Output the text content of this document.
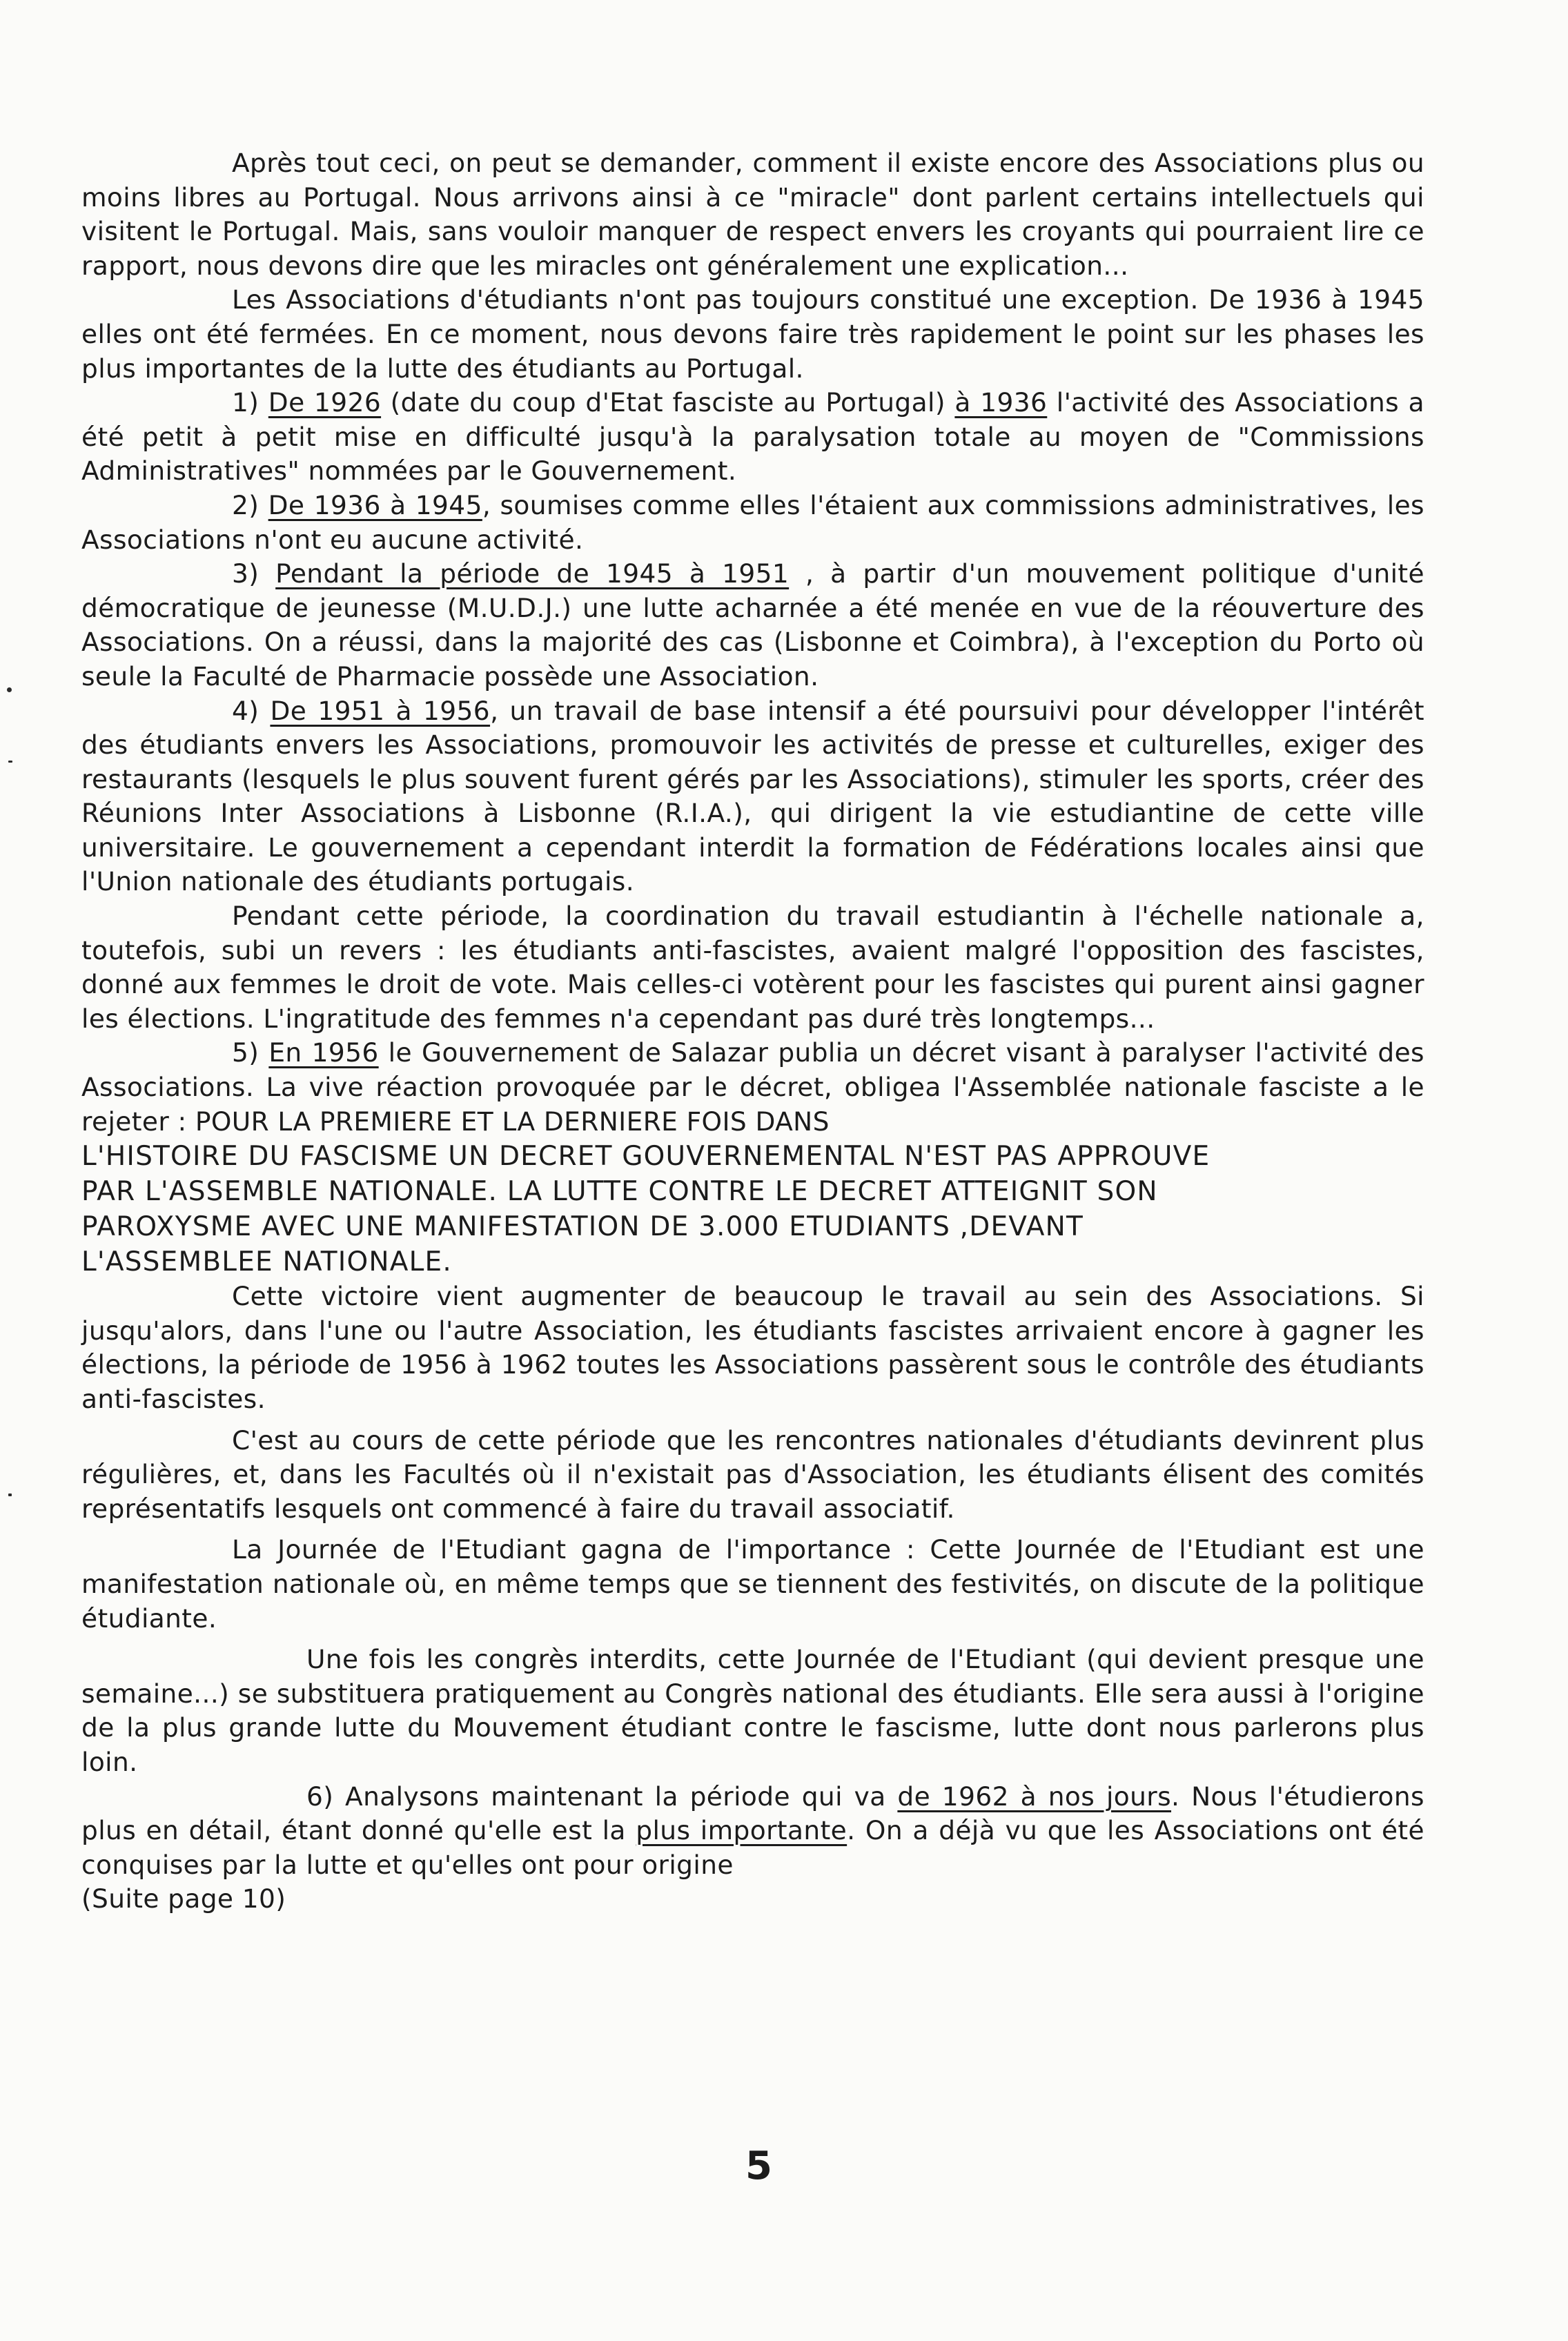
Après tout ceci, on peut se demander, comment il existe encore des Associations plus ou moins libres au Portugal. Nous arrivons ainsi à ce "miracle" dont parlent certains intellectuels qui visitent le Portugal. Mais, sans vouloir manquer de respect envers les croyants qui pourraient lire ce rapport, nous devons dire que les miracles ont généralement une explication...

Les Associations d'étudiants n'ont pas toujours constitué une exception. De 1936 à 1945 elles ont été fermées. En ce moment, nous devons faire très rapidement le point sur les phases les plus importantes de la lutte des étudiants au Portugal.

1) De 1926 (date du coup d'Etat fasciste au Portugal) à 1936 l'activité des Associations a été petit à petit mise en difficulté jusqu'à la paralysation totale au moyen de "Commissions Administratives" nommées par le Gouvernement.

2) De 1936 à 1945, soumises comme elles l'étaient aux commissions administratives, les Associations n'ont eu aucune activité.

3) Pendant la période de 1945 à 1951 , à partir d'un mouvement politique d'unité démocratique de jeunesse (M.U.D.J.) une lutte acharnée a été menée en vue de la réouverture des Associations. On a réussi, dans la majorité des cas (Lisbonne et Coimbra), à l'exception du Porto où seule la Faculté de Pharmacie possède une Association.

4) De 1951 à 1956, un travail de base intensif a été poursuivi pour développer l'intérêt des étudiants envers les Associations, promouvoir les activités de presse et culturelles, exiger des restaurants (lesquels le plus souvent furent gérés par les Associations), stimuler les sports, créer des Réunions Inter Associations à Lisbonne (R.I.A.), qui dirigent la vie estudiantine de cette ville universitaire. Le gouvernement a cependant interdit la formation de Fédérations locales ainsi que l'Union nationale des étudiants portugais.

Pendant cette période, la coordination du travail estudiantin à l'échelle nationale a, toutefois, subi un revers : les étudiants anti-fascistes, avaient malgré l'opposition des fascistes, donné aux femmes le droit de vote. Mais celles-ci votèrent pour les fascistes qui purent ainsi gagner les élections. L'ingratitude des femmes n'a cependant pas duré très longtemps...

5) En 1956 le Gouvernement de Salazar publia un décret visant à paralyser l'activité des Associations. La vive réaction provoquée par le décret, obligea l'Assemblée nationale fasciste a le rejeter : POUR LA PREMIERE ET LA DERNIERE FOIS DANS

L'HISTOIRE DU FASCISME UN DECRET GOUVERNEMENTAL N'EST PAS APPROUVE
PAR L'ASSEMBLE NATIONALE. LA LUTTE CONTRE LE DECRET ATTEIGNIT SON
PAROXYSME AVEC UNE MANIFESTATION DE 3.000 ETUDIANTS ,DEVANT
L'ASSEMBLEE NATIONALE.

Cette victoire vient augmenter de beaucoup le travail au sein des Associations. Si jusqu'alors, dans l'une ou l'autre Association, les étudiants fascistes arrivaient encore à gagner les élections, la période de 1956 à 1962 toutes les Associations passèrent sous le contrôle des étudiants anti-fascistes.

C'est au cours de cette période que les rencontres nationales d'étudiants devinrent plus régulières, et, dans les Facultés où il n'existait pas d'Association, les étudiants élisent des comités représentatifs lesquels ont commencé à faire du travail associatif.

La Journée de l'Etudiant gagna de l'importance : Cette Journée de l'Etudiant est une manifestation nationale où, en même temps que se tiennent des festivités, on discute de la politique étudiante.

Une fois les congrès interdits, cette Journée de l'Etudiant (qui devient presque une semaine...) se substituera pratiquement au Congrès national des étudiants. Elle sera aussi à l'origine de la plus grande lutte du Mouvement étudiant contre le fascisme, lutte dont nous parlerons plus loin.

6) Analysons maintenant la période qui va de 1962 à nos jours. Nous l'étudierons plus en détail, étant donné qu'elle est la plus importante. On a déjà vu que les Associations ont été conquises par la lutte et qu'elles ont pour origine

(Suite page 10)

5
